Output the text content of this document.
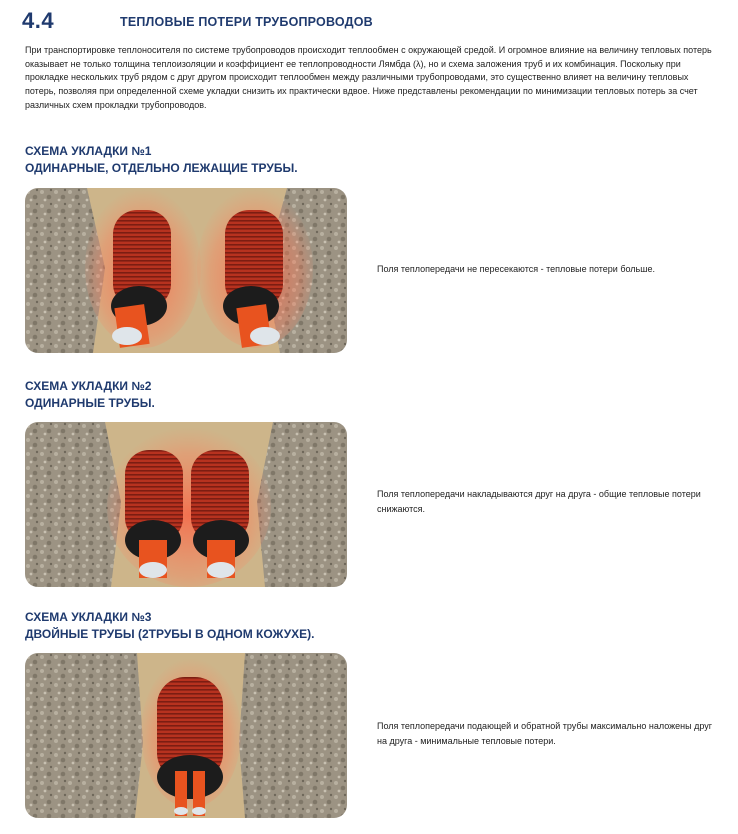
4.4	ТЕПЛОВЫЕ ПОТЕРИ ТРУБОПРОВОДОВ

При транспортировке теплоносителя по системе трубопроводов происходит теплообмен с окружающей средой. И огромное влияние на величину тепловых потерь оказывает не только толщина теплоизоляции и коэффициент ее теплопроводности Лямбда (λ), но и схема заложения труб и их комбинация. Поскольку при прокладке нескольких труб рядом с друг другом происходит теплообмен между различными трубопроводами, это существенно влияет на величину тепловых потерь, позволяя при определенной схеме укладки снизить их практически вдвое. Ниже представлены рекомендации по минимизации тепловых потерь за счет различных схем прокладки трубопроводов.

СХЕМА УКЛАДКИ №1
ОДИНАРНЫЕ, ОТДЕЛЬНО ЛЕЖАЩИЕ ТРУБЫ.
Поля теплопередачи не пересекаются - тепловые потери больше.
СХЕМА УКЛАДКИ №2
ОДИНАРНЫЕ ТРУБЫ.
Поля теплопередачи накладываются друг на друга - общие тепловые потери снижаются.
СХЕМА УКЛАДКИ №3
ДВОЙНЫЕ ТРУБЫ (2ТРУБЫ В ОДНОМ КОЖУХЕ).
Поля теплопередачи подающей и обратной трубы максимально наложены друг на друга - минимальные тепловые потери.
